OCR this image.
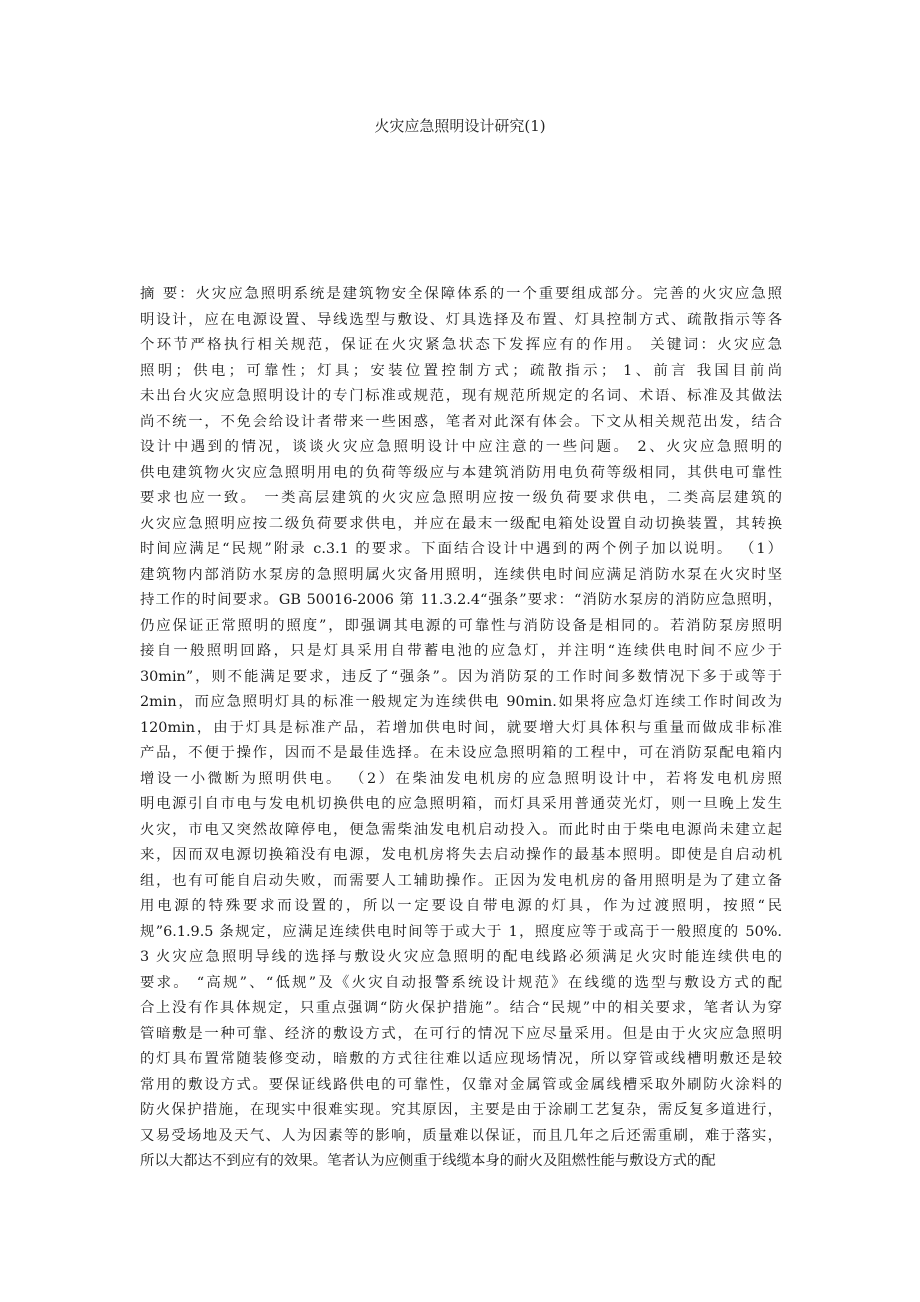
火灾应急照明设计研究(1)
摘 要：火灾应急照明系统是建筑物安全保障体系的一个重要组成部分。完善的火灾应急照
明设计，应在电源设置、导线选型与敷设、灯具选择及布置、灯具控制方式、疏散指示等各
个环节严格执行相关规范，保证在火灾紧急状态下发挥应有的作用。 关键词：火灾应急
照明；供电；可靠性；灯具；安装位置控制方式；疏散指示； 1、前言 我国目前尚
未出台火灾应急照明设计的专门标准或规范，现有规范所规定的名词、术语、标准及其做法
尚不统一，不免会给设计者带来一些困惑，笔者对此深有体会。下文从相关规范出发，结合
设计中遇到的情况，谈谈火灾应急照明设计中应注意的一些问题。 2、火灾应急照明的
供电建筑物火灾应急照明用电的负荷等级应与本建筑消防用电负荷等级相同，其供电可靠性
要求也应一致。 一类高层建筑的火灾应急照明应按一级负荷要求供电，二类高层建筑的
火灾应急照明应按二级负荷要求供电，并应在最末一级配电箱处设置自动切换装置，其转换
时间应满足“民规”附录 c.3.1 的要求。下面结合设计中遇到的两个例子加以说明。 （1）
建筑物内部消防水泵房的急照明属火灾备用照明，连续供电时间应满足消防水泵在火灾时坚
持工作的时间要求。GB 50016-2006 第 11.3.2.4“强条”要求：“消防水泵房的消防应急照明，
仍应保证正常照明的照度”，即强调其电源的可靠性与消防设备是相同的。若消防泵房照明
接自一般照明回路，只是灯具采用自带蓄电池的应急灯，并注明“连续供电时间不应少于
30min”，则不能满足要求，违反了“强条”。因为消防泵的工作时间多数情况下多于或等于
2min，而应急照明灯具的标准一般规定为连续供电 90min.如果将应急灯连续工作时间改为
120min，由于灯具是标准产品，若增加供电时间，就要增大灯具体积与重量而做成非标准
产品，不便于操作，因而不是最佳选择。在未设应急照明箱的工程中，可在消防泵配电箱内
增设一小微断为照明供电。 （2）在柴油发电机房的应急照明设计中，若将发电机房照
明电源引自市电与发电机切换供电的应急照明箱，而灯具采用普通荧光灯，则一旦晚上发生
火灾，市电又突然故障停电，便急需柴油发电机启动投入。而此时由于柴电电源尚未建立起
来，因而双电源切换箱没有电源，发电机房将失去启动操作的最基本照明。即使是自启动机
组，也有可能自启动失败，而需要人工辅助操作。正因为发电机房的备用照明是为了建立备
用电源的特殊要求而设置的，所以一定要设自带电源的灯具，作为过渡照明，按照“民
规”6.1.9.5 条规定，应满足连续供电时间等于或大于 1，照度应等于或高于一般照度的 50%.
3 火灾应急照明导线的选择与敷设火灾应急照明的配电线路必须满足火灾时能连续供电的
要求。 “高规”、“低规”及《火灾自动报警系统设计规范》在线缆的选型与敷设方式的配
合上没有作具体规定，只重点强调“防火保护措施”。结合“民规”中的相关要求，笔者认为穿
管暗敷是一种可靠、经济的敷设方式，在可行的情况下应尽量采用。但是由于火灾应急照明
的灯具布置常随装修变动，暗敷的方式往往难以适应现场情况，所以穿管或线槽明敷还是较
常用的敷设方式。要保证线路供电的可靠性，仅靠对金属管或金属线槽采取外刷防火涂料的
防火保护措施，在现实中很难实现。究其原因，主要是由于涂刷工艺复杂，需反复多道进行，
又易受场地及天气、人为因素等的影响，质量难以保证，而且几年之后还需重刷，难于落实，
所以大都达不到应有的效果。笔者认为应侧重于线缆本身的耐火及阻燃性能与敷设方式的配
